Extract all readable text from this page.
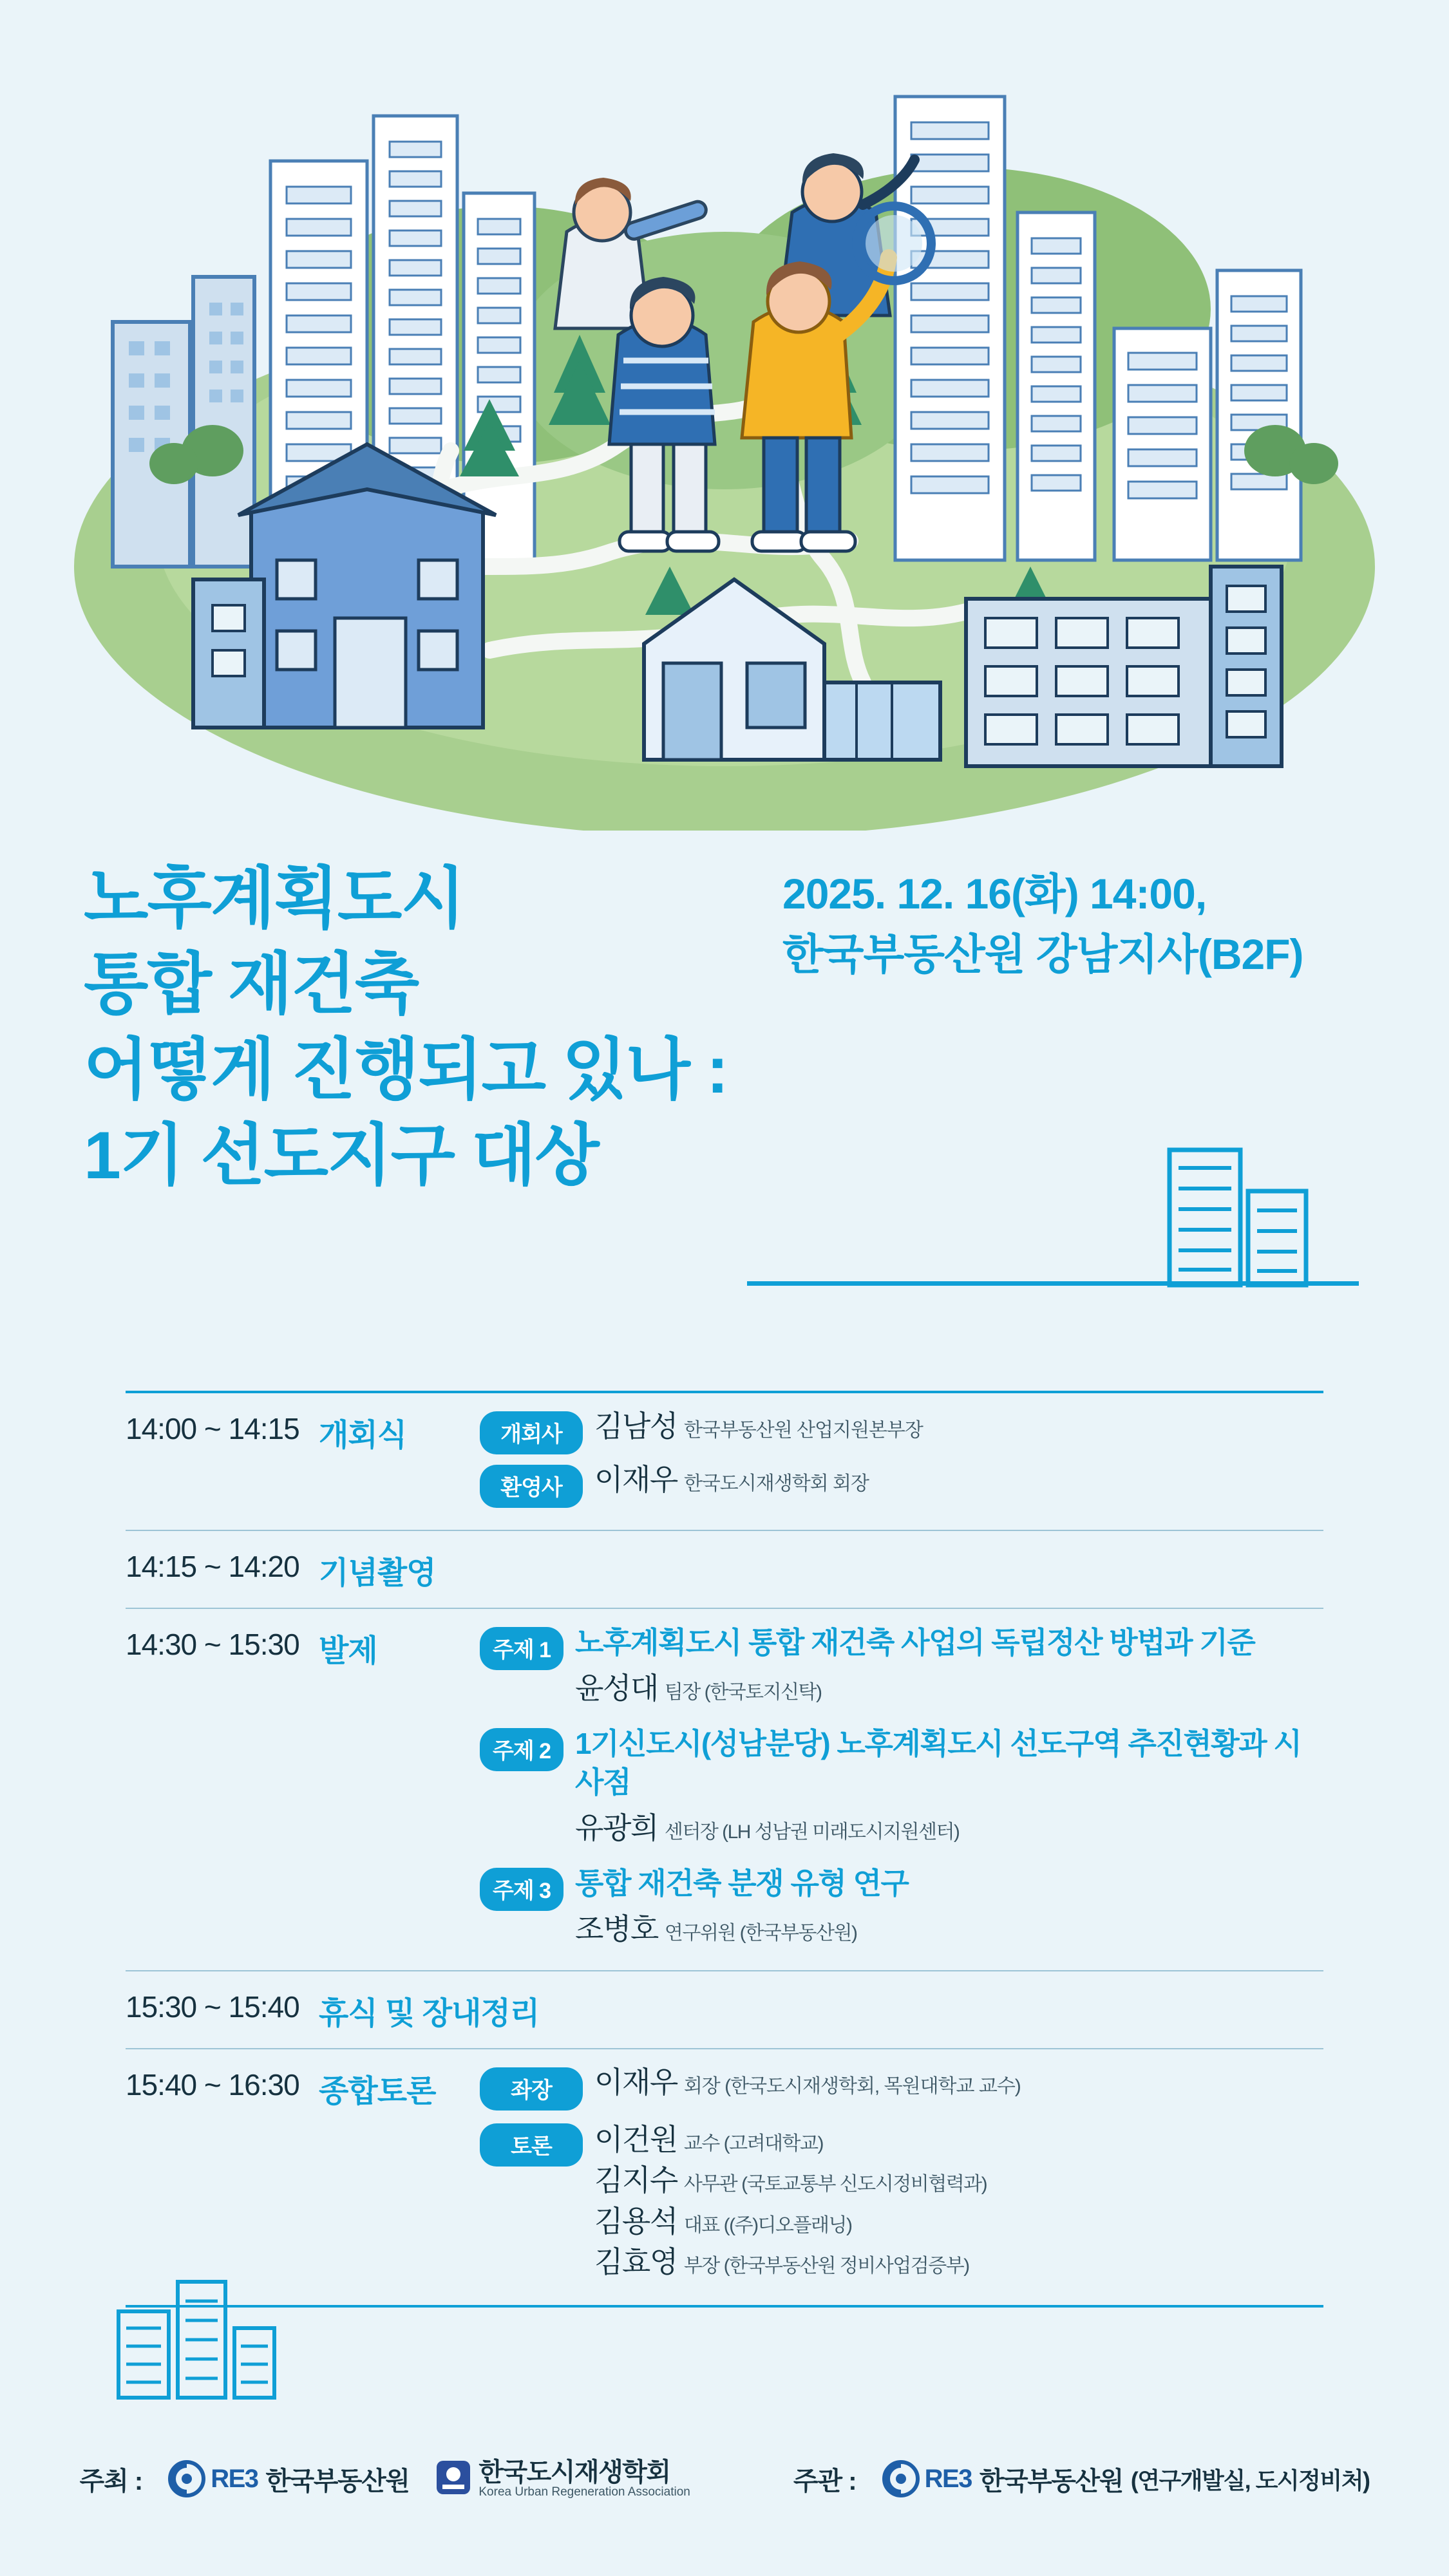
노후계획도시
통합 재건축
어떻게 진행되고 있나 :
1기 선도지구 대상
2025. 12. 16(화) 14:00,
한국부동산원 강남지사(B2F)
14:00 ~ 14:15 개회식	개회사	김남성 한국부동산원 산업지원본부장
환영사	이재우 한국도시재생학회 회장
14:15 ~ 14:20 기념촬영
14:30 ~ 15:30 발제	주제 1 노후계획도시 통합 재건축 사업의 독립정산 방법과 기준
윤성대 팀장 (한국토지신탁)
주제 2 1기신도시(성남분당) 노후계획도시 선도구역 추진현황과 시사점
유광희 센터장 (LH 성남권 미래도시지원센터)
주제 3 통합 재건축 분쟁 유형 연구
조병호 연구위원 (한국부동산원)
15:30 ~ 15:40 휴식 및 장내정리
15:40 ~ 16:30 종합토론	좌장	이재우 회장 (한국도시재생학회, 목원대학교 교수)
토론	이건원 교수 (고려대학교)
김지수 사무관 (국토교통부 신도시정비협력과)
김용석 대표 ((주)디오플래닝)
김효영 부장 (한국부동산원 정비사업검증부)
주최 :	RE3 한국부동산원	한국도시재생학회
Korea Urban Regeneration Association	주관 :	RE3 한국부동산원 (연구개발실, 도시정비처)
